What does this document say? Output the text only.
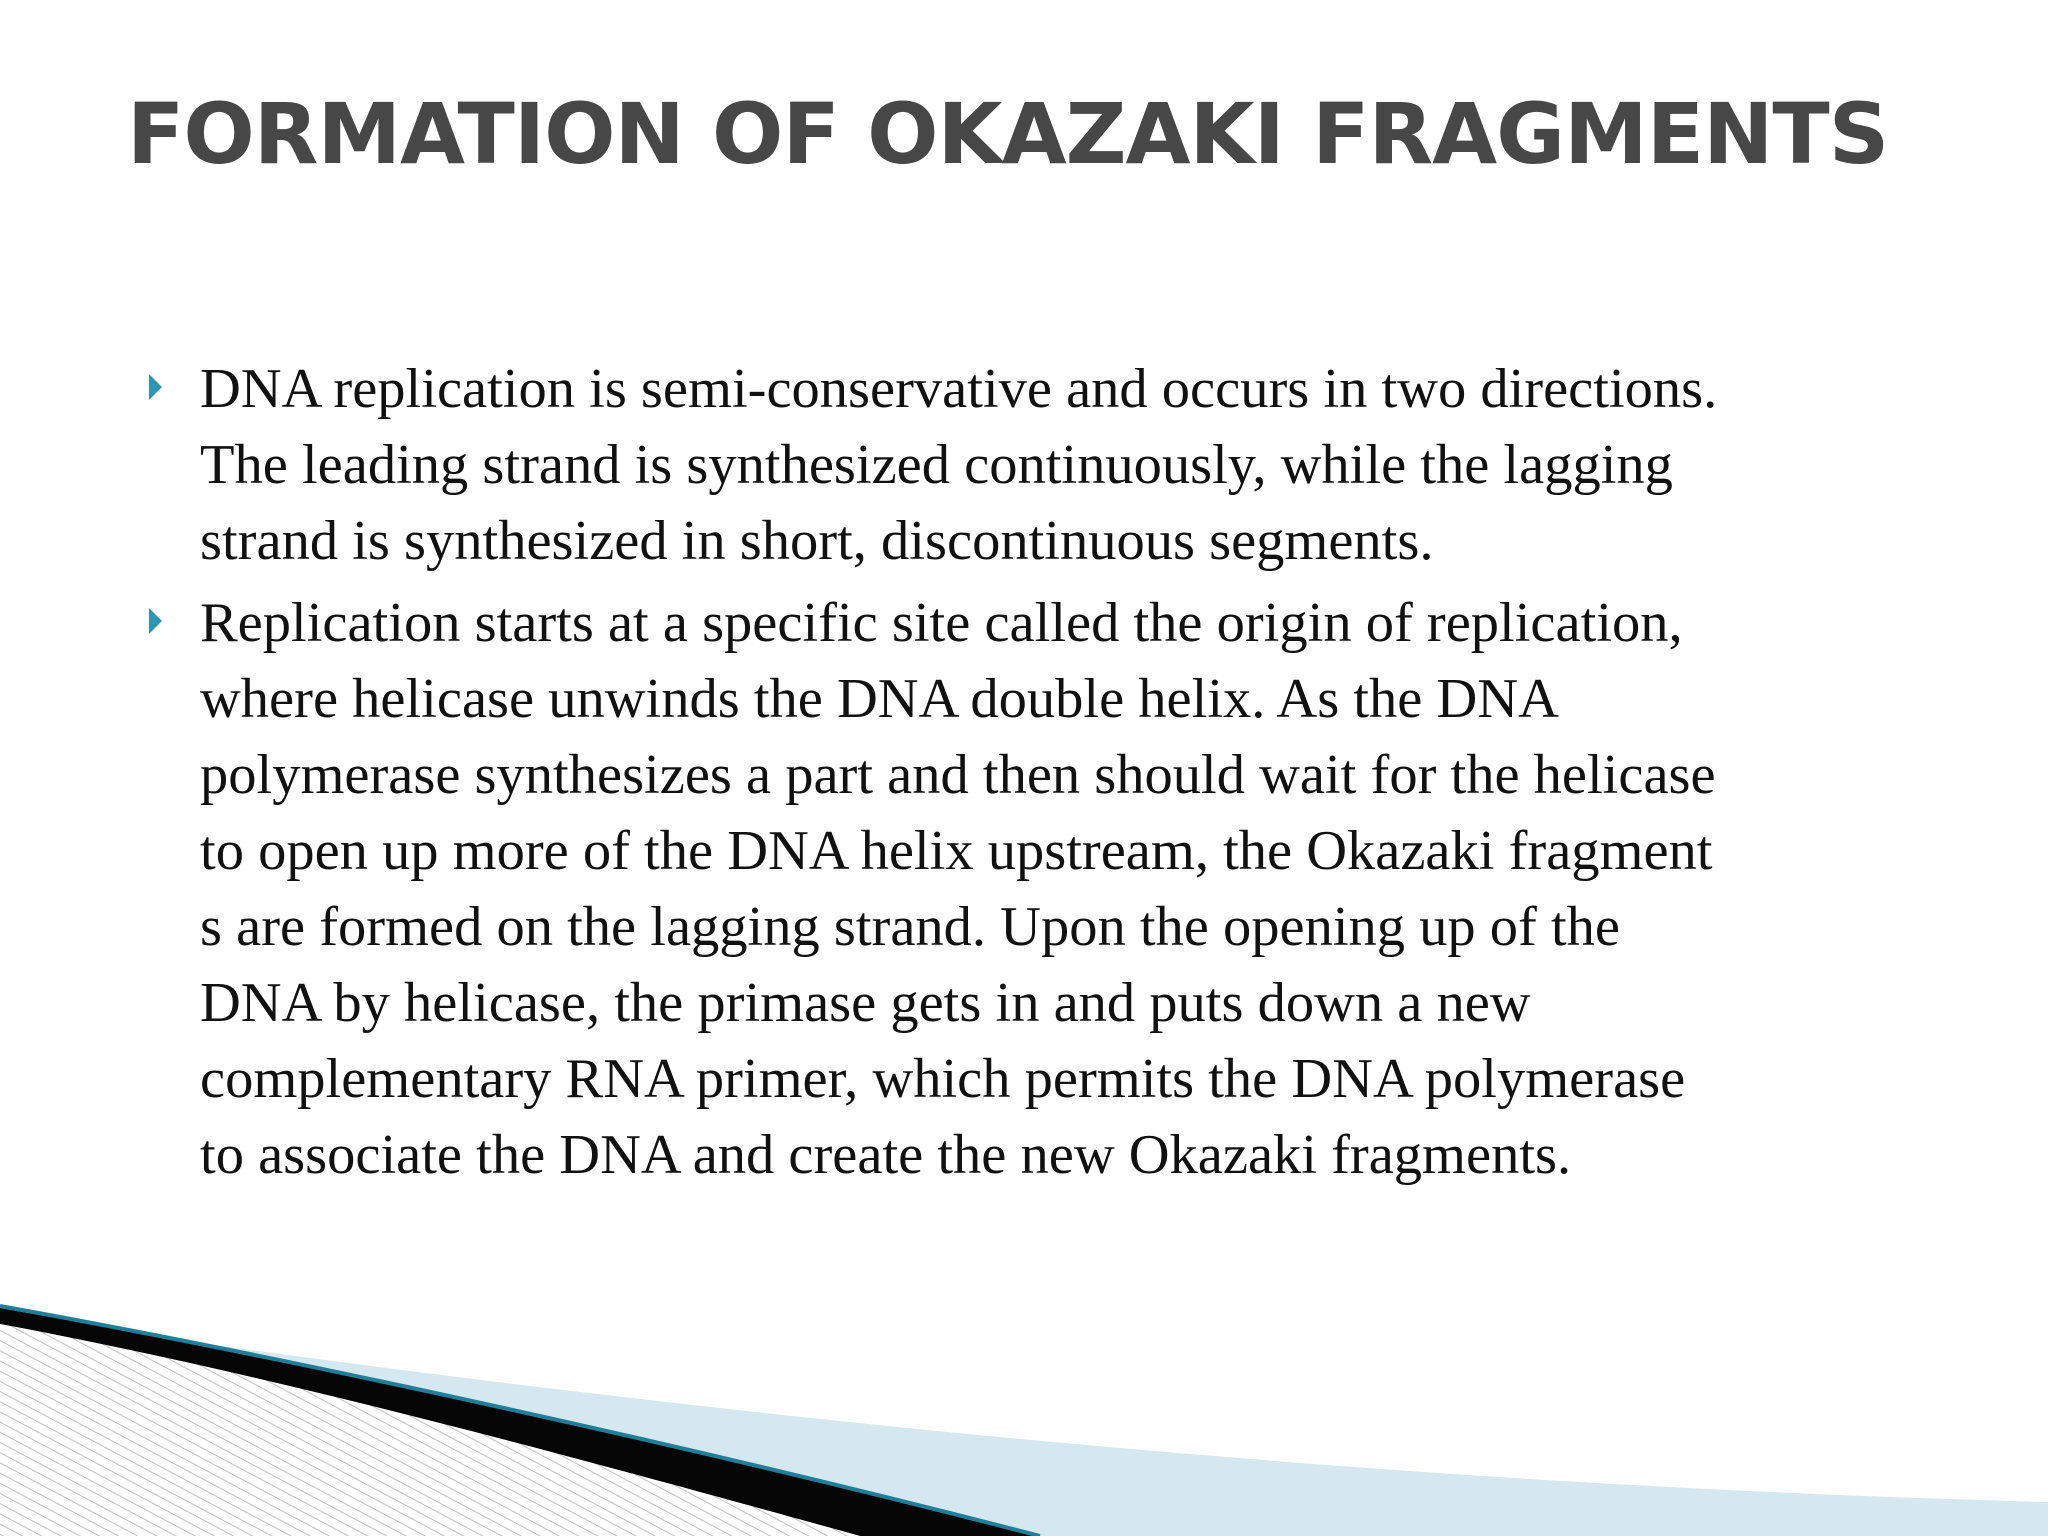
FORMATION OF OKAZAKI FRAGMENTS
DNA replication is semi-conservative and occurs in two directions.
The leading strand is synthesized continuously, while the lagging
strand is synthesized in short, discontinuous segments.
Replication starts at a specific site called the origin of replication,
where helicase unwinds the DNA double helix. As the DNA
polymerase synthesizes a part and then should wait for the helicase
to open up more of the DNA helix upstream, the Okazaki fragment
s are formed on the lagging strand. Upon the opening up of the
DNA by helicase, the primase gets in and puts down a new
complementary RNA primer, which permits the DNA polymerase
to associate the DNA and create the new Okazaki fragments.
